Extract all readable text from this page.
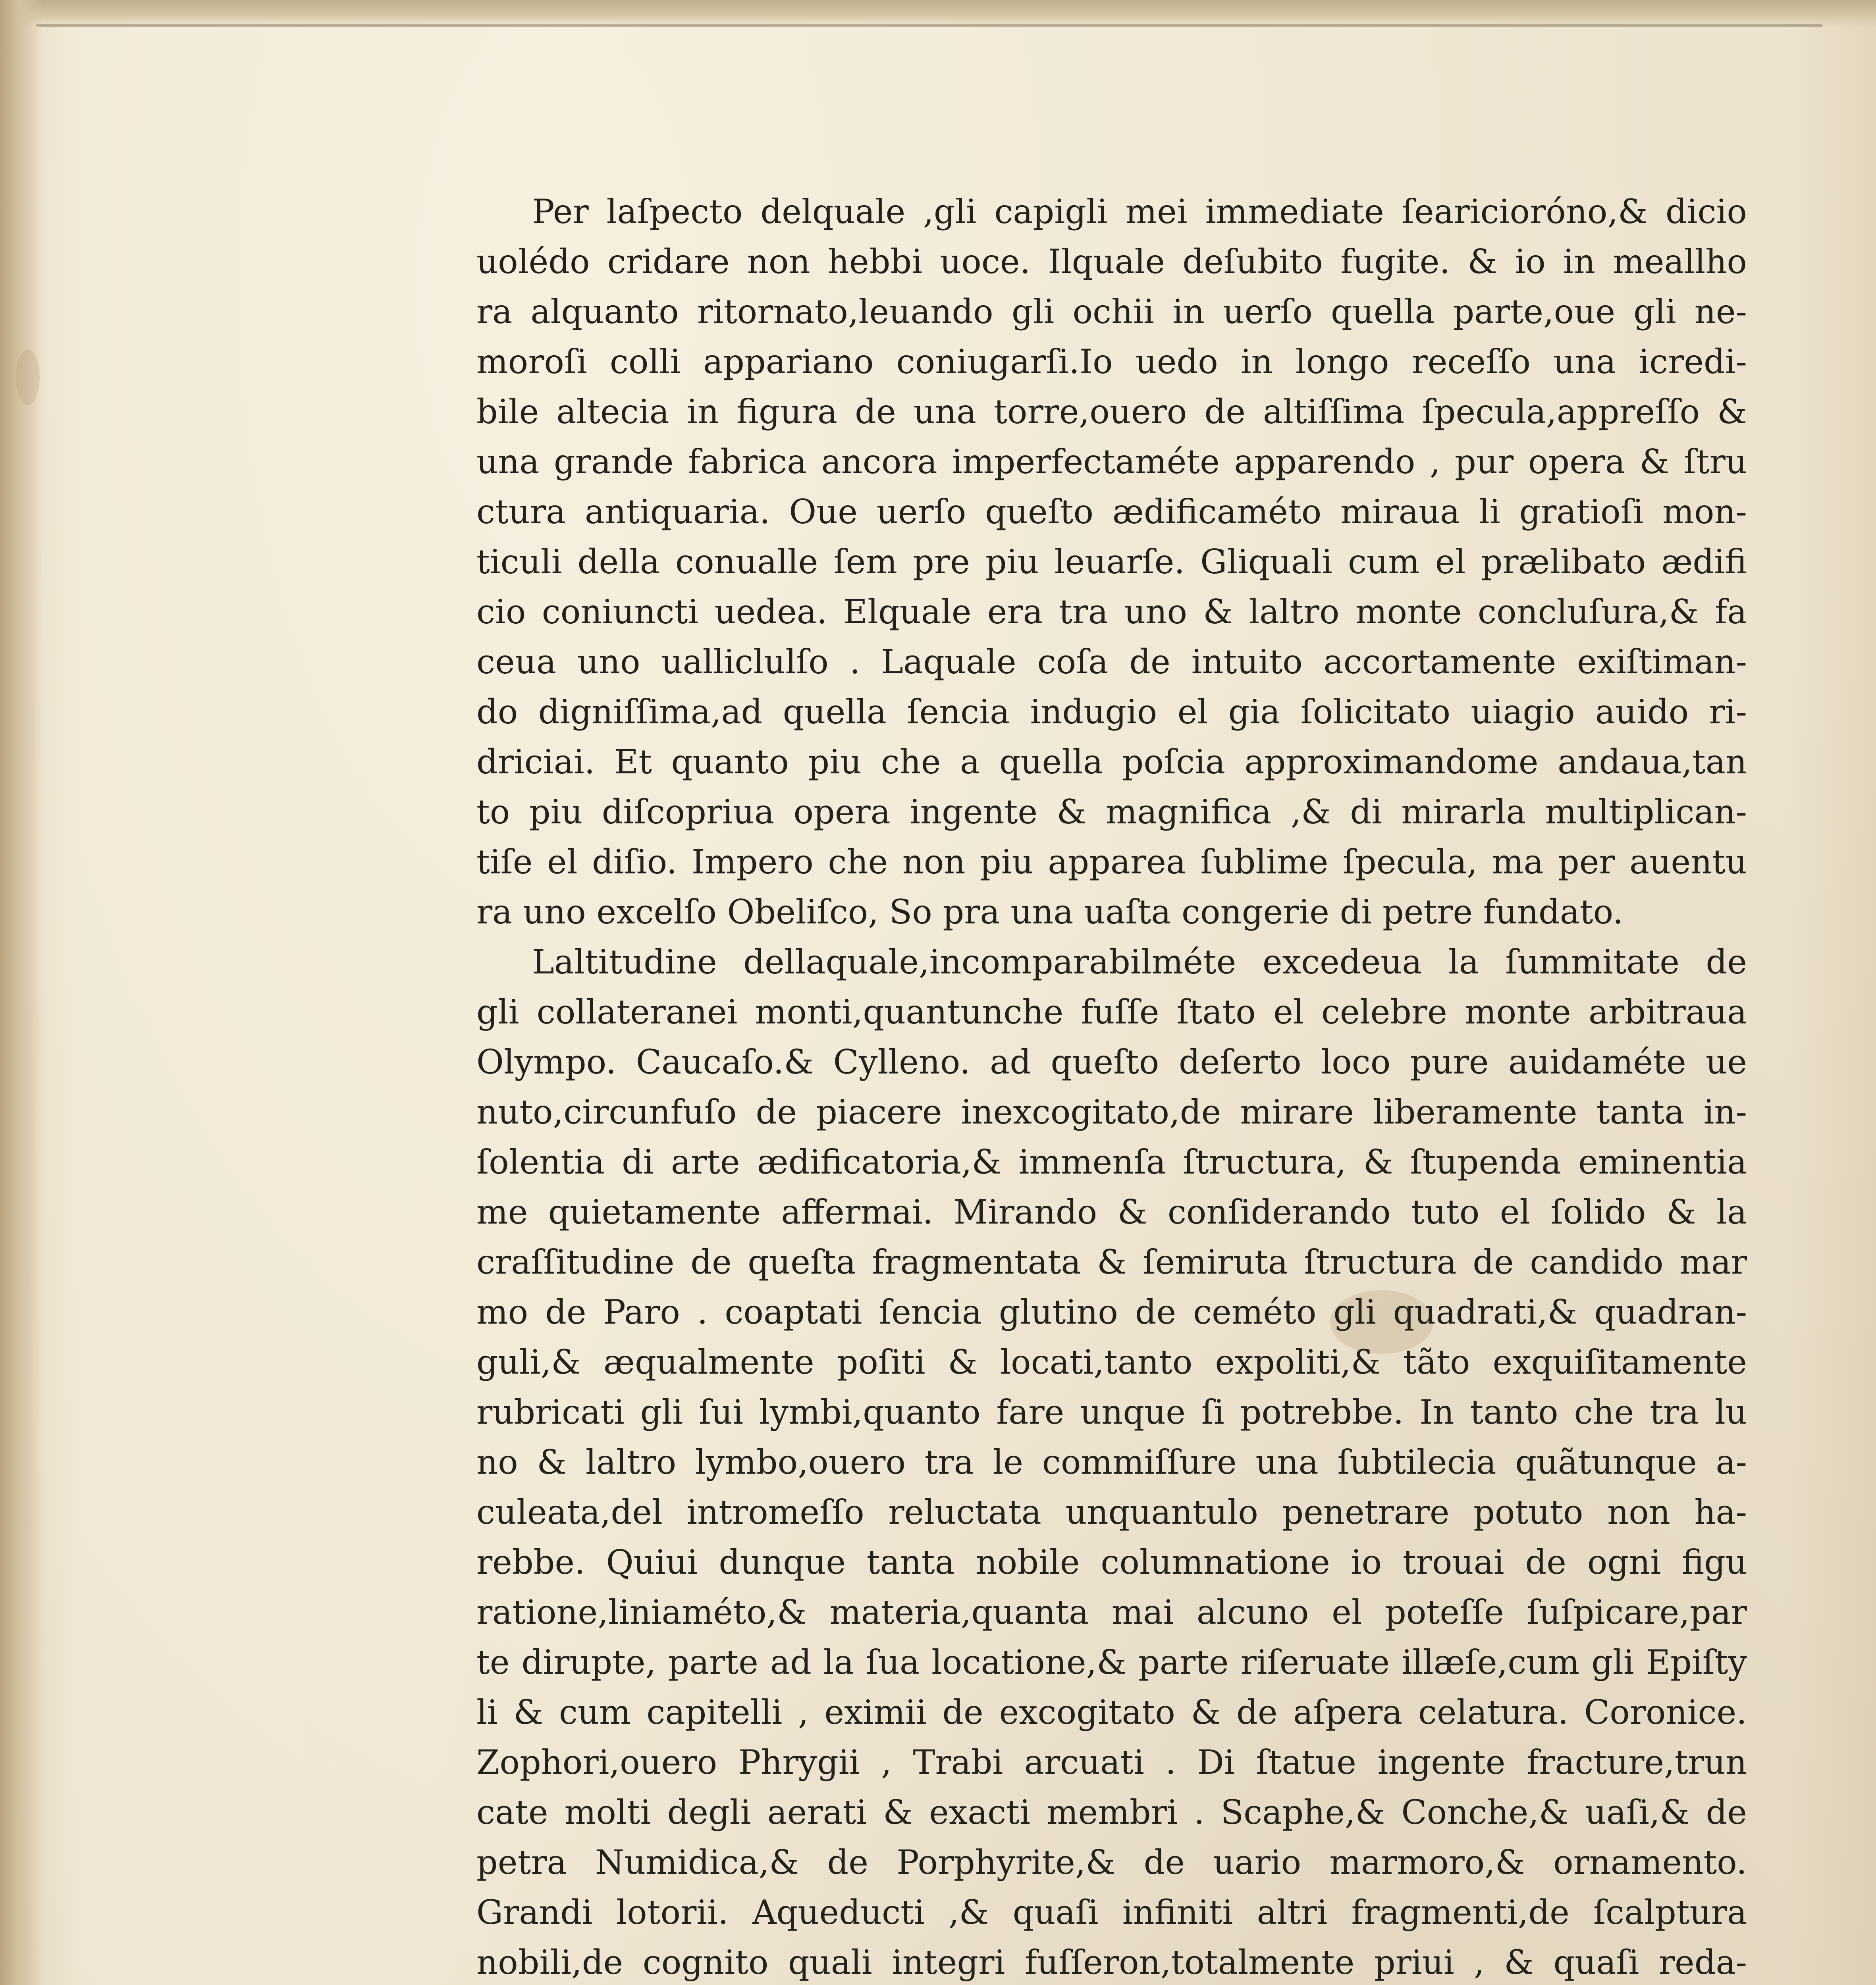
Per laſpecto delquale ,gli capigli mei immediate ſearicioróno,& dicio
uolédo cridare non hebbi uoce. Ilquale deſubito fugite. & io in meallho
ra alquanto ritornato,leuando gli ochii in uerſo quella parte,oue gli ne-
moroſi colli appariano coniugarſi.Io uedo in longo receſſo una icredi-
bile altecia in figura de una torre,ouero de altiſſima ſpecula,appreſſo &
una grande fabrica ancora imperfectaméte apparendo , pur opera & ſtru
ctura antiquaria. Oue uerſo queſto ædificaméto miraua li gratioſi mon-
ticuli della conualle ſem pre piu leuarſe. Gliquali cum el prælibato ædifi
cio coniuncti uedea. Elquale era tra uno & laltro monte concluſura,& fa
ceua uno ualliclulſo . Laquale coſa de intuito accortamente exiſtiman-
do digniſſima,ad quella ſencia indugio el gia ſolicitato uiagio auido ri-
driciai. Et quanto piu che a quella poſcia approximandome andaua,tan
to piu diſcopriua opera ingente & magnifica ,& di mirarla multiplican-
tiſe el diſio. Impero che non piu apparea ſublime ſpecula, ma per auentu
ra uno excelſo Obeliſco, So pra una uaſta congerie di petre fundato.
Laltitudine dellaquale,incomparabilméte excedeua la ſummitate de
gli collateranei monti,quantunche fuſſe ſtato el celebre monte arbitraua
Olympo. Caucaſo.& Cylleno. ad queſto deſerto loco pure auidaméte ue
nuto,circunfuſo de piacere inexcogitato,de mirare liberamente tanta in-
ſolentia di arte ædificatoria,& immenſa ſtructura, & ſtupenda eminentia
me quietamente affermai. Mirando & conſiderando tuto el ſolido & la
craſſitudine de queſta fragmentata & ſemiruta ſtructura de candido mar
mo de Paro . coaptati ſencia glutino de ceméto gli quadrati,& quadran-
guli,& æqualmente poſiti & locati,tanto expoliti,& tãto exquiſitamente
rubricati gli ſui lymbi,quanto fare unque ſi potrebbe. In tanto che tra lu
no & laltro lymbo,ouero tra le commiſſure una ſubtilecia quãtunque a-
culeata,del intromeſſo reluctata unquantulo penetrare potuto non ha-
rebbe. Quiui dunque tanta nobile columnatione io trouai de ogni figu
ratione,liniaméto,& materia,quanta mai alcuno el poteſſe ſuſpicare,par
te dirupte, parte ad la ſua locatione,& parte riſeruate illæſe,cum gli Epiſty
li & cum capitelli , eximii de excogitato & de aſpera celatura. Coronice.
Zophori,ouero Phrygii , Trabi arcuati . Di ſtatue ingente fracture,trun
cate molti degli aerati & exacti membri . Scaphe,& Conche,& uaſi,& de
petra Numidica,& de Porphyrite,& de uario marmoro,& ornamento.
Grandi lotorii. Aqueducti ,& quaſi infiniti altri fragmenti,de ſcalptura
nobili,de cognito quali integri fuſſeron,totalmente priui , & quaſi reda-
